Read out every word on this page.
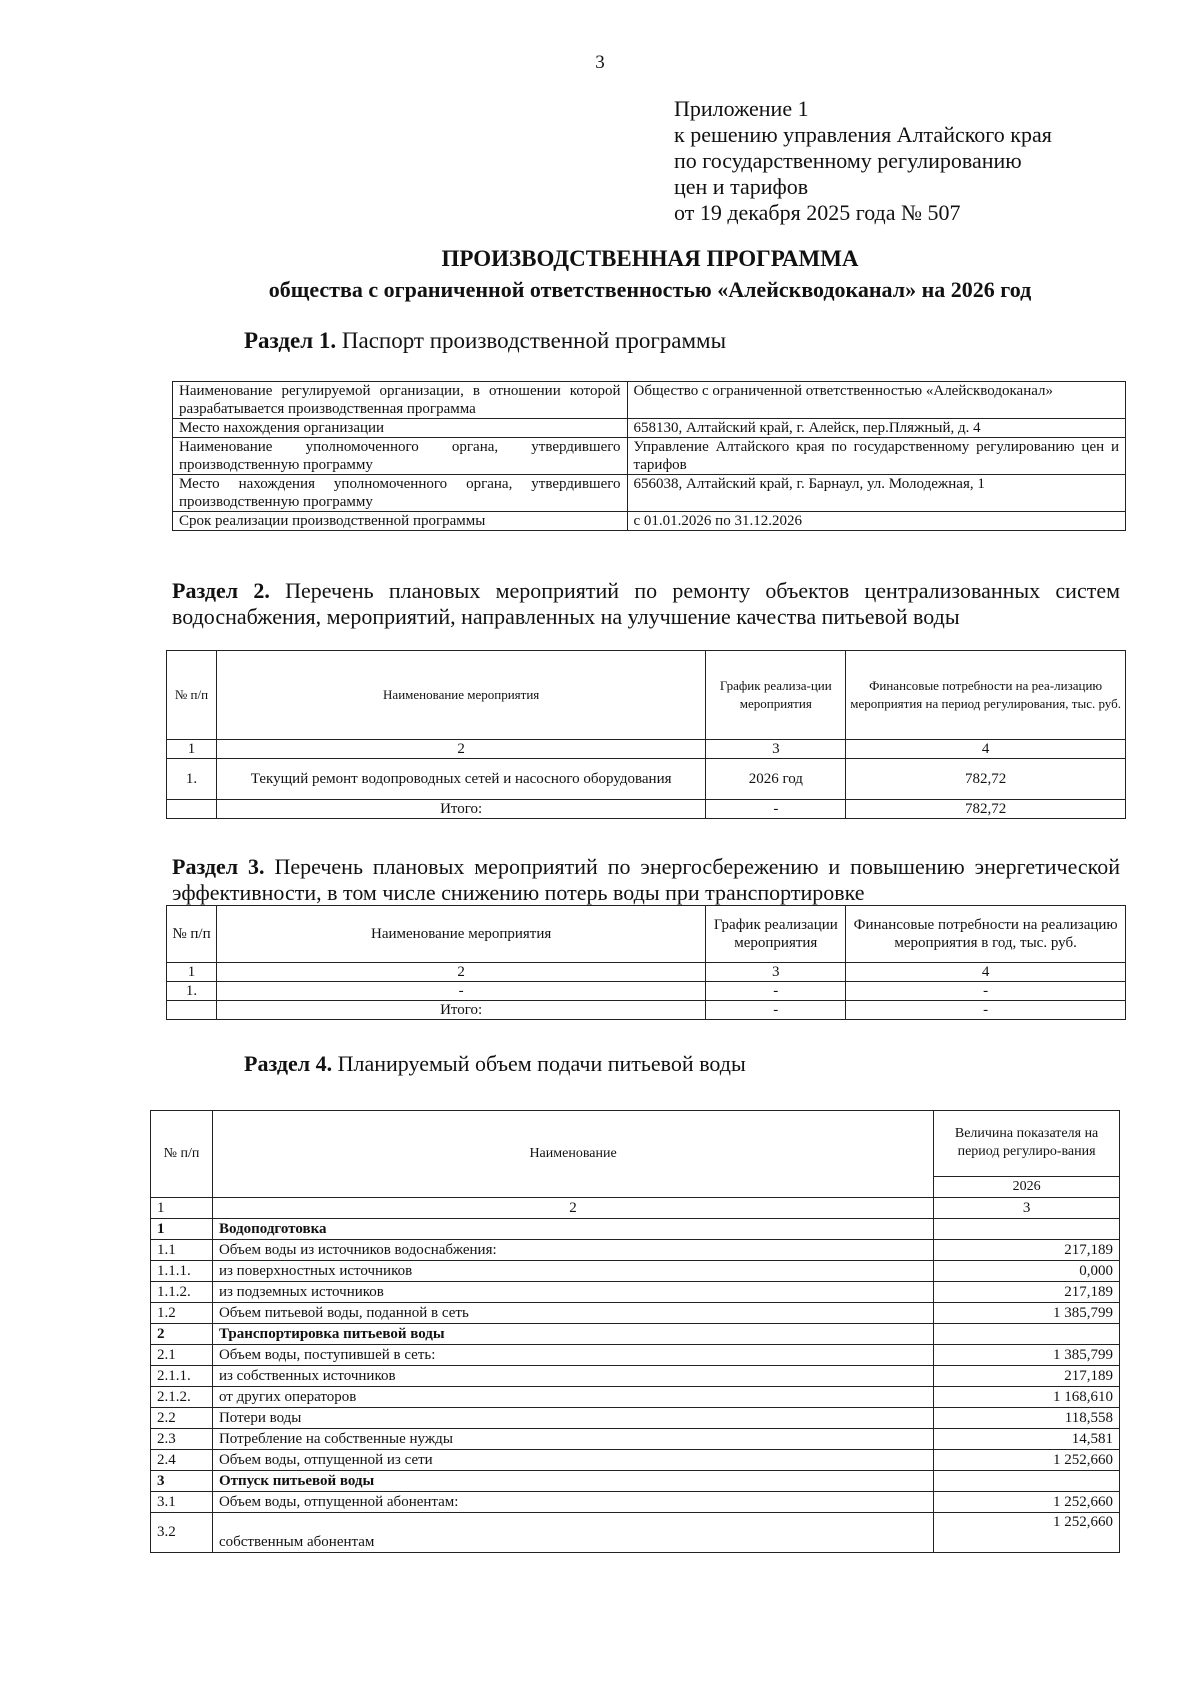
3
Приложение 1
к решению управления Алтайского края
по государственному регулированию
цен и тарифов
от 19 декабря 2025 года № 507
ПРОИЗВОДСТВЕННАЯ ПРОГРАММА
общества с ограниченной ответственностью «Алейскводоканал» на 2026 год
Раздел 1. Паспорт производственной программы
Наименование регулируемой организации, в отношении которой разрабатывается производственная программа	Общество с ограниченной ответственностью «Алейскводоканал»
Место нахождения организации	658130, Алтайский край, г. Алейск, пер.Пляжный, д. 4
Наименование уполномоченного органа, утвердившего производственную программу	Управление Алтайского края по государственному регулированию цен и тарифов
Место нахождения уполномоченного органа, утвердившего производственную программу	656038, Алтайский край, г. Барнаул, ул. Молодежная, 1
Срок реализации производственной программы	с 01.01.2026 по 31.12.2026
Раздел 2. Перечень плановых мероприятий по ремонту объектов централизованных систем водоснабжения, мероприятий, направленных на улучшение качества питьевой воды
№ п/п	Наименование мероприятия	График реализа-ции мероприятия	Финансовые потребности на реа-лизацию мероприятия на период регулирования, тыс. руб.
1	2	3	4
1.	Текущий ремонт водопроводных сетей и насосного оборудования	2026 год	782,72
	Итого:	-	782,72
Раздел 3. Перечень плановых мероприятий по энергосбережению и повышению энергетической эффективности, в том числе снижению потерь воды при транспортировке
№ п/п	Наименование мероприятия	График реализации мероприятия	Финансовые потребности на реализацию мероприятия в год, тыс. руб.
1	2	3	4
1.	-	-	-
	Итого:	-	-
Раздел 4. Планируемый объем подачи питьевой воды
№ п/п	Наименование	Величина показателя на период регулиро-вания
		2026
1	2	3
1	Водоподготовка	
1.1	Объем воды из источников водоснабжения:	217,189
1.1.1.	из поверхностных источников	0,000
1.1.2.	из подземных источников	217,189
1.2	Объем питьевой воды, поданной в сеть	1 385,799
2	Транспортировка питьевой воды	
2.1	Объем воды, поступившей в сеть:	1 385,799
2.1.1.	из собственных источников	217,189
2.1.2.	от других операторов	1 168,610
2.2	Потери воды	118,558
2.3	Потребление на собственные нужды	14,581
2.4	Объем воды, отпущенной из сети	1 252,660
3	Отпуск питьевой воды	
3.1	Объем воды, отпущенной абонентам:	1 252,660
3.2	собственным абонентам	1 252,660
